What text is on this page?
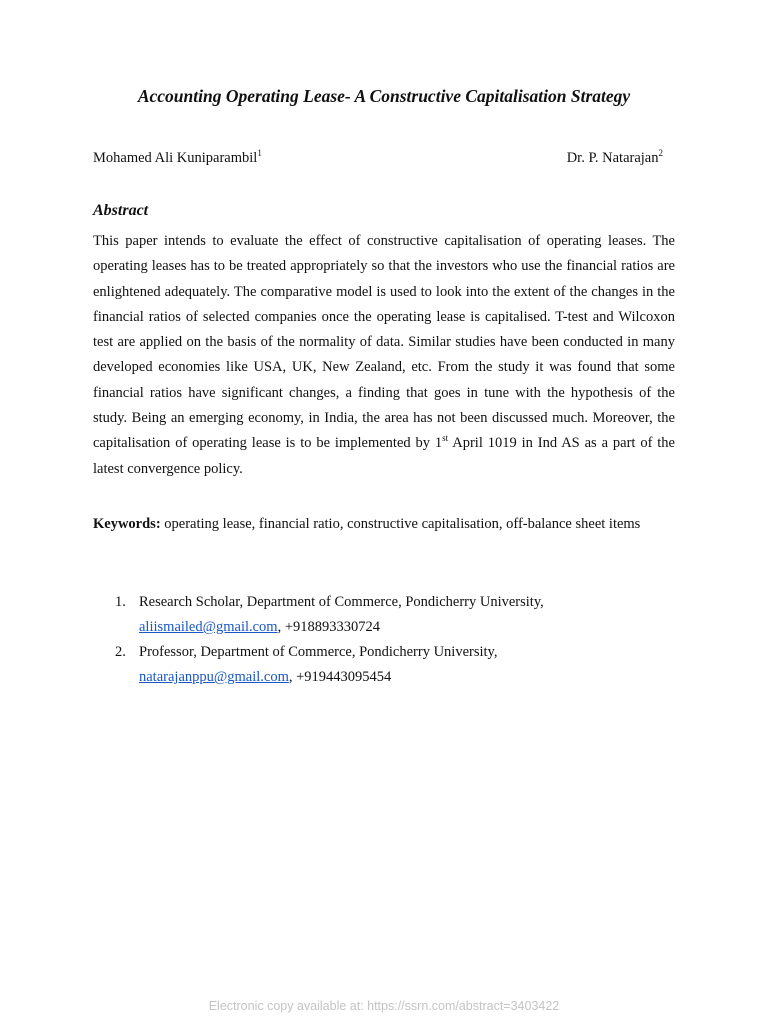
Accounting Operating Lease- A Constructive Capitalisation Strategy
Mohamed Ali Kuniparambil$^1$	Dr. P. Natarajan$^2$
Abstract

This paper intends to evaluate the effect of constructive capitalisation of operating leases. The operating leases has to be treated appropriately so that the investors who use the financial ratios are enlightened adequately. The comparative model is used to look into the extent of the changes in the financial ratios of selected companies once the operating lease is capitalised. T-test and Wilcoxon test are applied on the basis of the normality of data. Similar studies have been conducted in many developed economies like USA, UK, New Zealand, etc. From the study it was found that some financial ratios have significant changes, a finding that goes in tune with the hypothesis of the study. Being an emerging economy, in India, the area has not been discussed much. Moreover, the capitalisation of operating lease is to be implemented by 1st April 1019 in Ind AS as a part of the latest convergence policy.

Keywords: operating lease, financial ratio, constructive capitalisation, off-balance sheet items

1. Research Scholar, Department of Commerce, Pondicherry University,
aliismailed@gmail.com, +918893330724
2. Professor, Department of Commerce, Pondicherry University,
natarajanppu@gmail.com, +919443095454
Electronic copy available at: https://ssrn.com/abstract=3403422
